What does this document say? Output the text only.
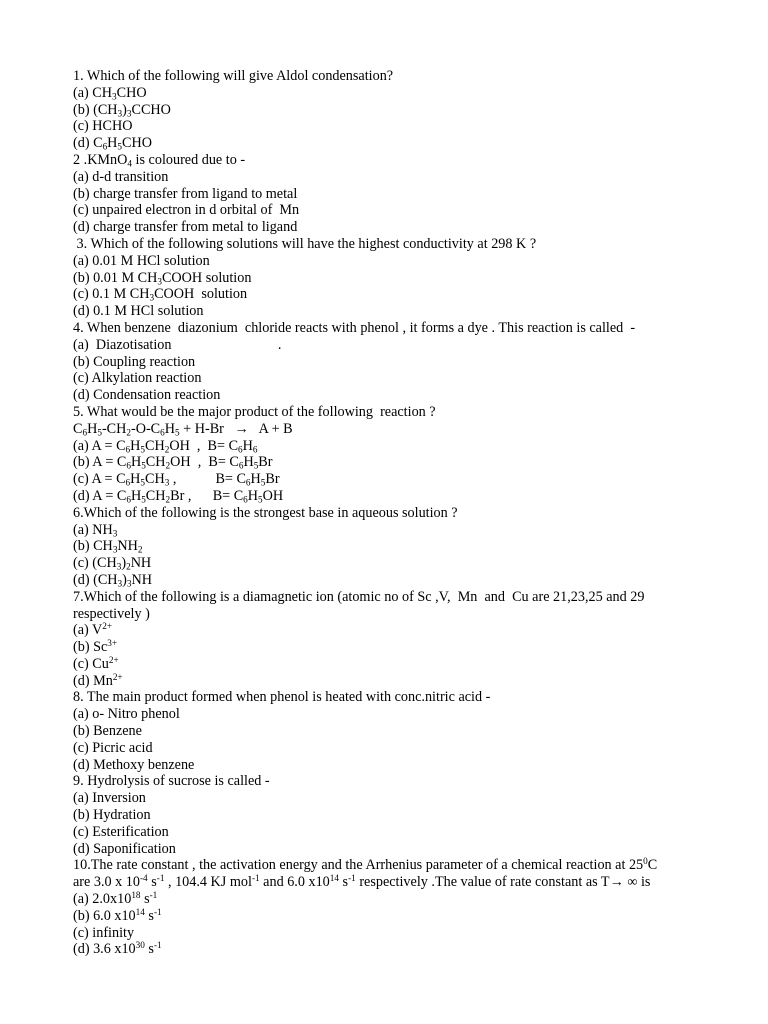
1. Which of the following will give Aldol condensation?
(a) $CH_3CHO$
(b) $(CH_3)_3CCHO$
(c) HCHO
(d) $C_6H_5CHO$
2 .KMnO$_4$ is coloured due to -
(a) d-d transition
(b) charge transfer from ligand to metal
(c) unpaired electron in d orbital of  Mn
(d) charge transfer from metal to ligand
3. Which of the following solutions will have the highest conductivity at 298 K ?
(a) 0.01 M HCl solution
(b) 0.01 M $CH_3COOH$ solution
(c) 0.1 M $CH_3COOH$  solution
(d) 0.1 M HCl solution
4. When benzene  diazonium  chloride reacts with phenol , it forms a dye . This reaction is called  -
(a)  Diazotisation                              .
(b) Coupling reaction
(c) Alkylation reaction
(d) Condensation reaction
5. What would be the major product of the following  reaction ?
$C_6H_5-CH_2-O-C_6H_5 + H-Br \to A + B$
(a) $A = C_6H_5CH_2OH$  ,  $B= C_6H_6$
(b) $A = C_6H_5CH_2OH$  ,  $B= C_6H_5Br$
(c) $A = C_6H_5CH_3$ ,           $B= C_6H_5Br$
(d) $A = C_6H_5CH_2Br$ ,      $B= C_6H_5OH$
6.Which of the following is the strongest base in aqueous solution ?
(a) $NH_3$
(b) $CH_3NH_2$
(c) $(CH_3)_2NH$
(d) $(CH_3)_3NH$
7.Which of the following is a diamagnetic ion (atomic no of Sc ,V,  Mn  and  Cu are 21,23,25 and 29
respectively )
(a) $V^{2+}$
(b) $Sc^{3+}$
(c) $Cu^{2+}$
(d) $Mn^{2+}$
8. The main product formed when phenol is heated with conc.nitric acid -
(a) o- Nitro phenol
(b) Benzene
(c) Picric acid
(d) Methoxy benzene
9. Hydrolysis of sucrose is called -
(a) Inversion
(b) Hydration
(c) Esterification
(d) Saponification
10.The rate constant , the activation energy and the Arrhenius parameter of a chemical reaction at $25^0C$
are 3.0 x $10^{-4}$ $s^{-1}$ , 104.4 KJ mol$^{-1}$ and 6.0 $x10^{14}$ $s^{-1}$ respectively .The value of rate constant as T→ ∞ is
(a) $2.0x10^{18}$ $s^{-1}$
(b) 6.0 $x10^{14}$ $s^{-1}$
(c) infinity
(d) 3.6 $x10^{30}$ $s^{-1}$
